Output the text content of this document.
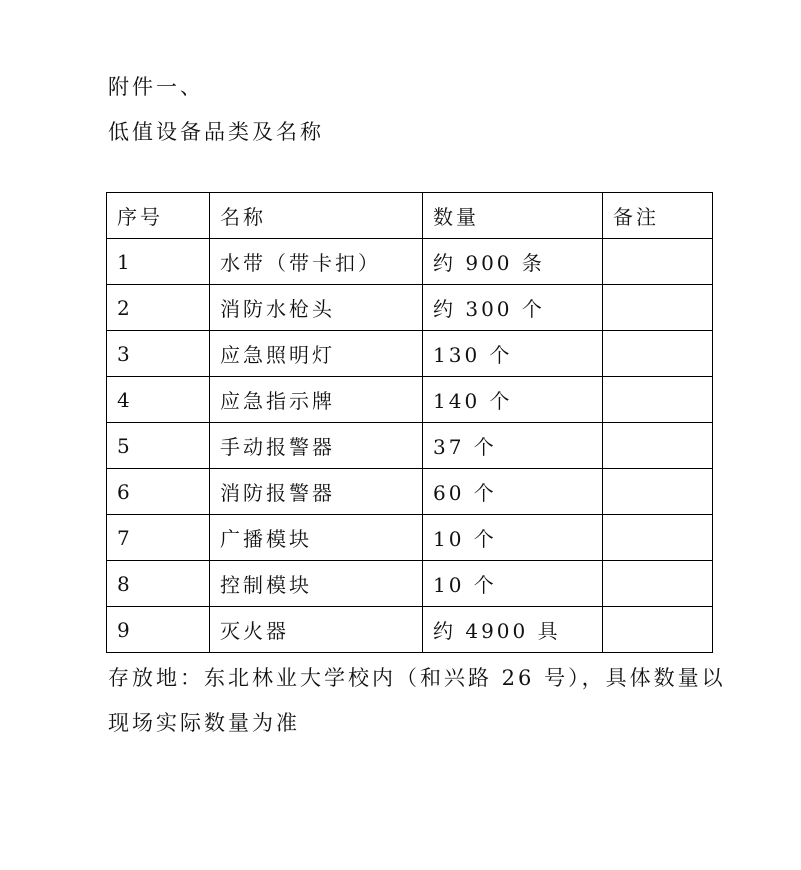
附件一、
低值设备品类及名称
序号	名称	数量	备注
1	水带（带卡扣）	约 900 条	
2	消防水枪头	约 300 个	
3	应急照明灯	130 个	
4	应急指示牌	140 个	
5	手动报警器	37 个	
6	消防报警器	60 个	
7	广播模块	10 个	
8	控制模块	10 个	
9	灭火器	约 4900 具	
存放地：东北林业大学校内（和兴路 26 号），具体数量以
现场实际数量为准
